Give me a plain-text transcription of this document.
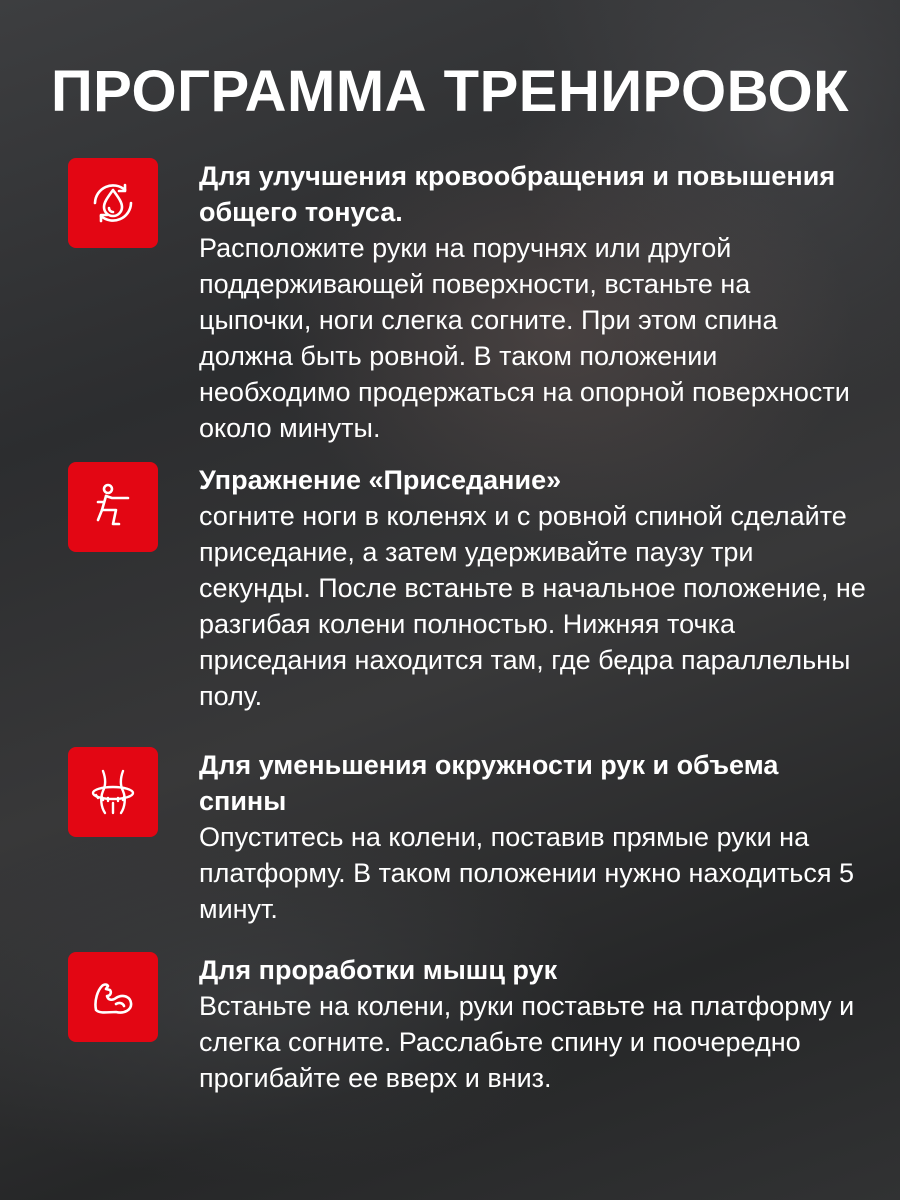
ПРОГРАММА ТРЕНИРОВОК
Для улучшения кровообращения и повышения общего тонуса.
Расположите руки на поручнях или другой поддерживающей поверхности, встаньте на цыпочки, ноги слегка согните. При этом спина должна быть ровной. В таком положении необходимо продержаться на опорной поверхности около минуты.
Упражнение «Приседание»
согните ноги в коленях и с ровной спиной сделайте приседание, а затем удерживайте паузу три секунды. После встаньте в начальное положение, не разгибая колени полностью. Нижняя точка приседания находится там, где бедра параллельны полу.
Для уменьшения окружности рук и объема спины
Опуститесь на колени, поставив прямые руки на платформу. В таком положении нужно находиться 5 минут.
Для проработки мышц рук
Встаньте на колени, руки поставьте на платформу и слегка согните. Расслабьте спину и поочередно прогибайте ее вверх и вниз.
